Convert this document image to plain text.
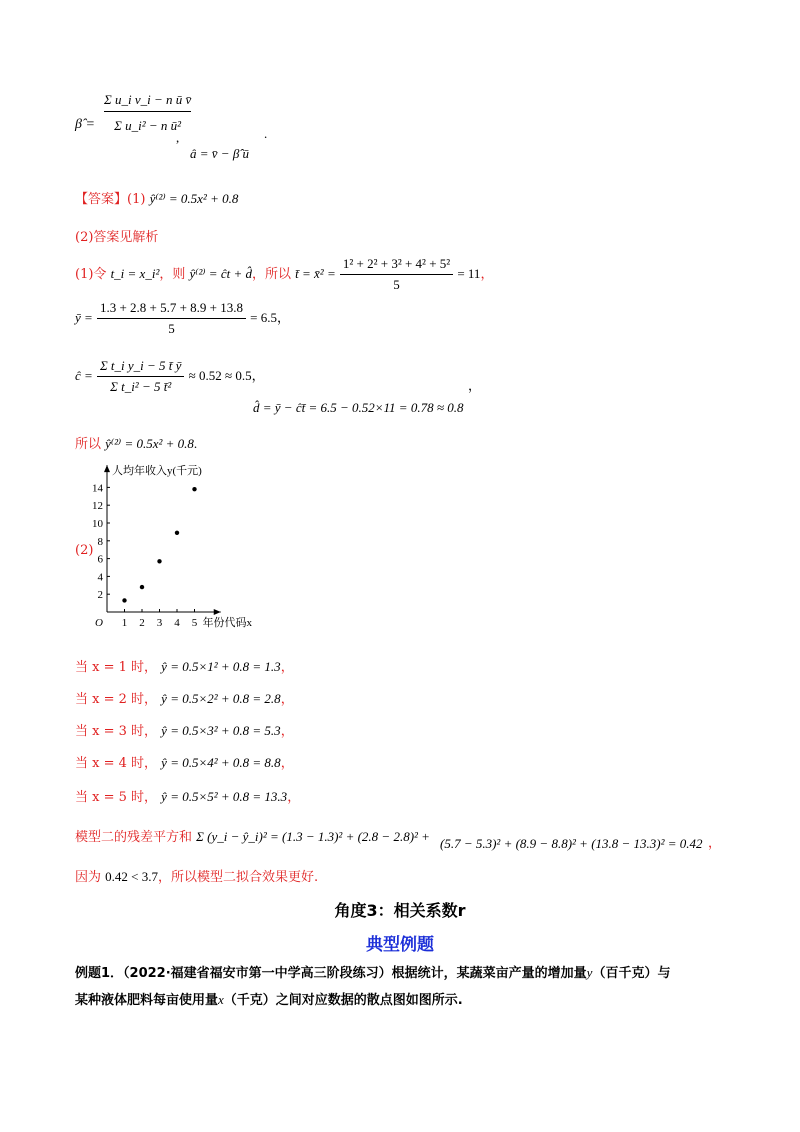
β̂ = $\frac{\text{Σ u\_i v\_i − n ū v̄}}{\text{Σ u\_i² − n ū²}}$
,
â = v̄ − β̂ ū
.
【答案】(1) ŷ⁽²⁾ = 0.5x² + 0.8
(2)答案见解析
(1)令 t_i = x_i²，则 ŷ⁽²⁾ = ĉt + d̂，所以 t̄ = x̄² = $\frac{\text{1² + 2² + 3² + 4² + 5²}}{5} = 11$，
ȳ = $\frac{1.3 + 2.8 + 5.7 + 8.9 + 13.8}{5} = 6.5$，
ĉ = $\frac{\text{Σ t\_i y\_i − 5 t̄ ȳ}}{\text{Σ t\_i² − 5 t̄²}} \approx 0.52 \approx 0.5$，
，
d̂ = ȳ − ĉt̄ = 6.5 − 0.52×11 = 0.78 ≈ 0.8
所以 ŷ⁽²⁾ = 0.5x² + 0.8.
(2)
O 1 2 3 4 5
2
4
6
8
10
12
14
人均年收入y(千元)
年份代码x
当 x = 1 时， ŷ = 0.5×1² + 0.8 = 1.3，
当 x = 2 时， ŷ = 0.5×2² + 0.8 = 2.8，
当 x = 3 时， ŷ = 0.5×3² + 0.8 = 5.3，
当 x = 4 时， ŷ = 0.5×4² + 0.8 = 8.8，
当 x = 5 时， ŷ = 0.5×5² + 0.8 = 13.3，
模型二的残差平方和 Σ (y_i − ŷ_i)² = (1.3 − 1.3)² + (2.8 − 2.8)² + (5.7 − 5.3)² + (8.9 − 8.8)² + (13.8 − 13.3)² = 0.42 ，
因为 0.42 < 3.7，所以模型二拟合效果更好.
角度3：相关系数r
典型例题
例题1．（2022·福建省福安市第一中学高三阶段练习）根据统计，某蔬菜亩产量的增加量y（百千克）与
某种液体肥料每亩使用量x（千克）之间对应数据的散点图如图所示.
